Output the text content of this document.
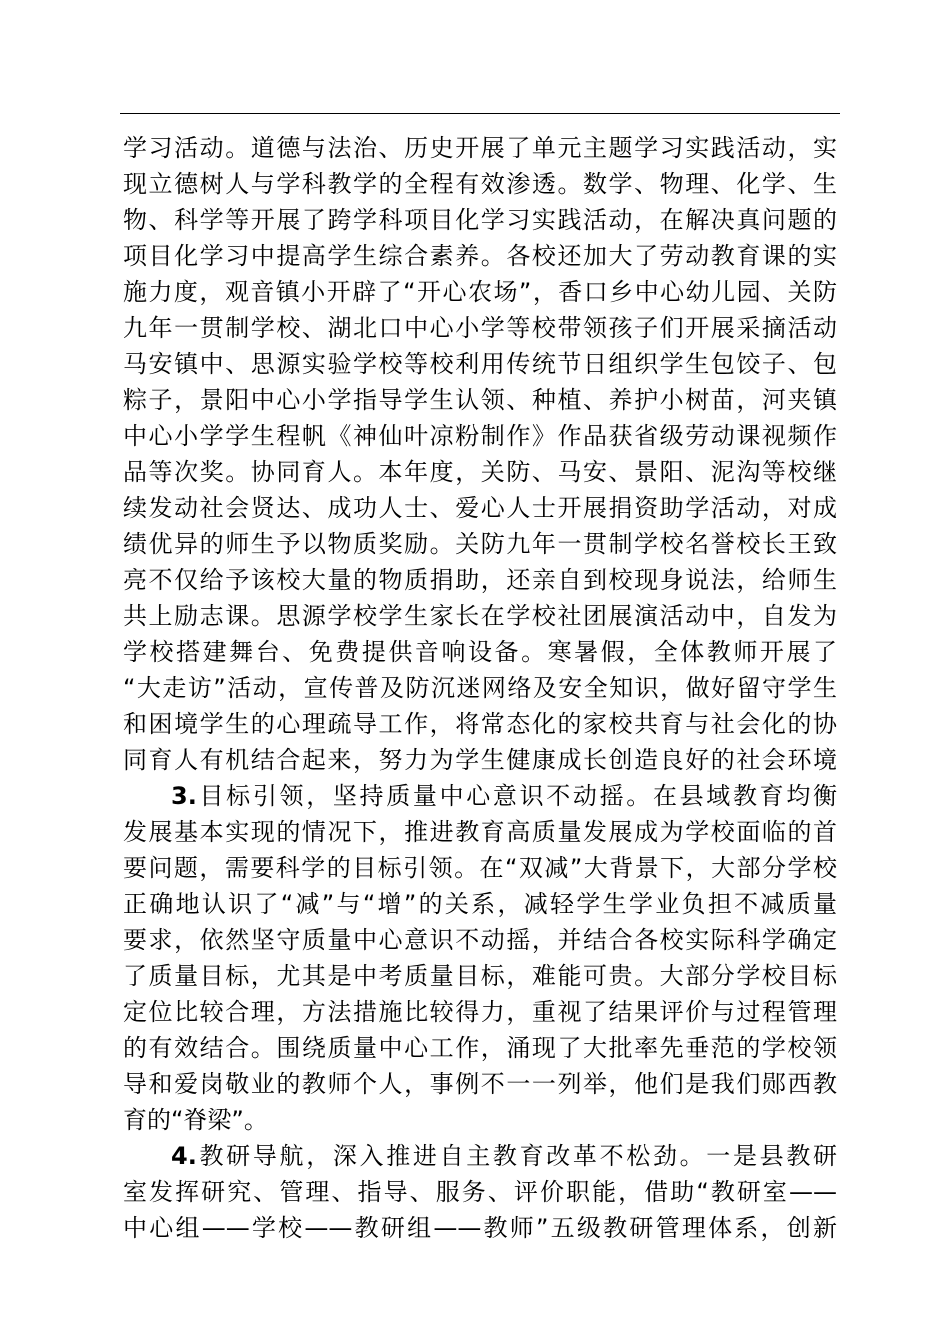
学习活动。道德与法治、历史开展了单元主题学习实践活动，实
现立德树人与学科教学的全程有效渗透。数学、物理、化学、生
物、科学等开展了跨学科项目化学习实践活动，在解决真问题的
项目化学习中提高学生综合素养。各校还加大了劳动教育课的实
施力度，观音镇小开辟了“开心农场”，香口乡中心幼儿园、关防
九年一贯制学校、湖北口中心小学等校带领孩子们开展采摘活动
马安镇中、思源实验学校等校利用传统节日组织学生包饺子、包
粽子，景阳中心小学指导学生认领、种植、养护小树苗，河夹镇
中心小学学生程帆《神仙叶凉粉制作》作品获省级劳动课视频作
品等次奖。协同育人。本年度，关防、马安、景阳、泥沟等校继
续发动社会贤达、成功人士、爱心人士开展捐资助学活动，对成
绩优异的师生予以物质奖励。关防九年一贯制学校名誉校长王致
亮不仅给予该校大量的物质捐助，还亲自到校现身说法，给师生
共上励志课。思源学校学生家长在学校社团展演活动中，自发为
学校搭建舞台、免费提供音响设备。寒暑假，全体教师开展了
“大走访”活动，宣传普及防沉迷网络及安全知识，做好留守学生
和困境学生的心理疏导工作，将常态化的家校共育与社会化的协
同育人有机结合起来，努力为学生健康成长创造良好的社会环境
3.目标引领，坚持质量中心意识不动摇。在县域教育均衡
发展基本实现的情况下，推进教育高质量发展成为学校面临的首
要问题，需要科学的目标引领。在“双减”大背景下，大部分学校
正确地认识了“减”与“增”的关系，减轻学生学业负担不减质量
要求，依然坚守质量中心意识不动摇，并结合各校实际科学确定
了质量目标，尤其是中考质量目标，难能可贵。大部分学校目标
定位比较合理，方法措施比较得力，重视了结果评价与过程管理
的有效结合。围绕质量中心工作，涌现了大批率先垂范的学校领
导和爱岗敬业的教师个人，事例不一一列举，他们是我们郧西教
育的“脊梁”。
4.教研导航，深入推进自主教育改革不松劲。一是县教研
室发挥研究、管理、指导、服务、评价职能，借助“教研室——
中心组——学校——教研组——教师”五级教研管理体系，创新
